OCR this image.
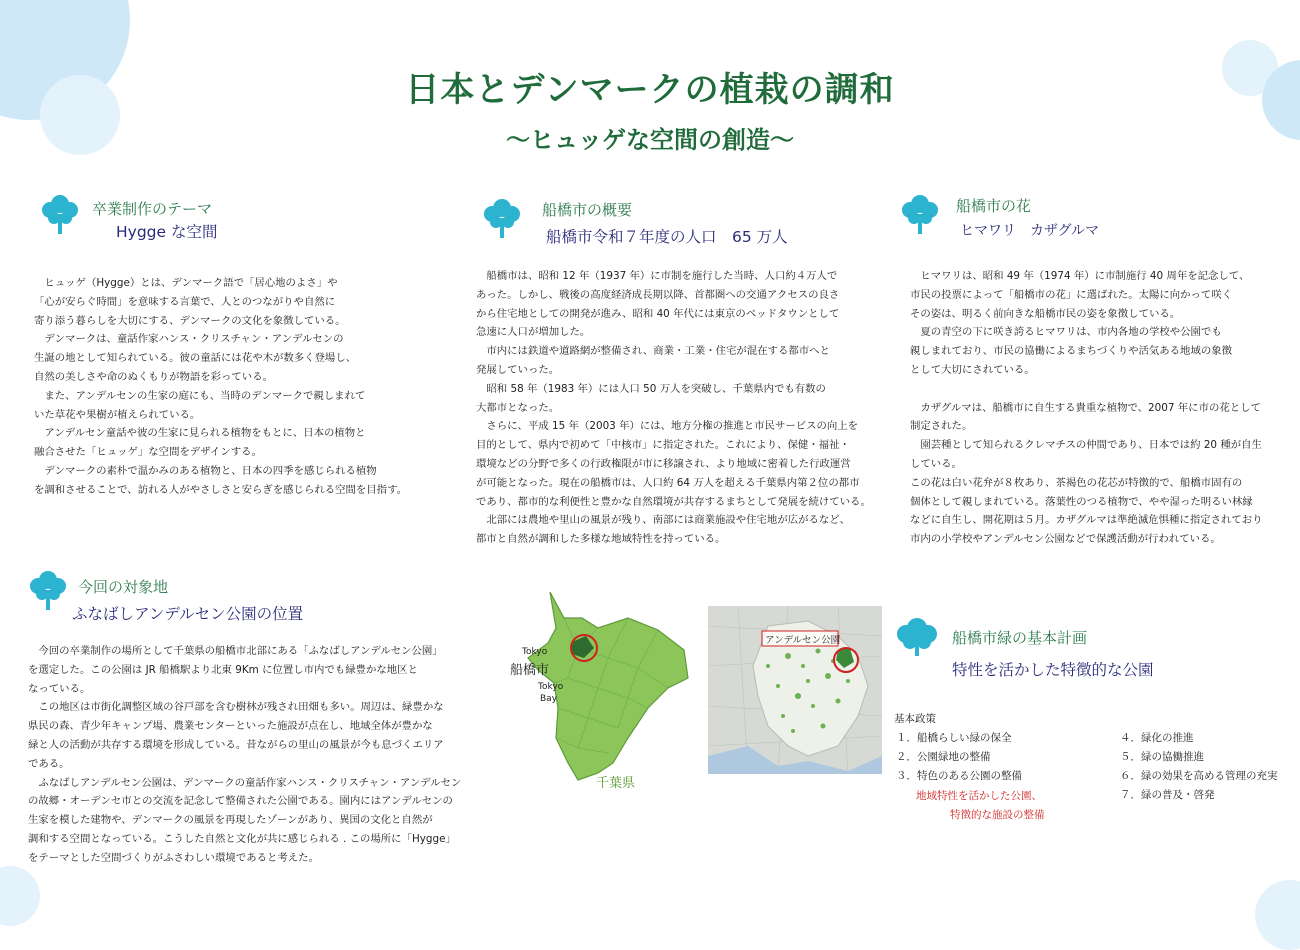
日本とデンマークの植栽の調和
〜ヒュッゲな空間の創造〜
卒業制作のテーマ
Hygge な空間
船橋市の概要
船橋市令和７年度の人口　65 万人
船橋市の花
ヒマワリ　カザグルマ

　ヒュッゲ（Hygge）とは、デンマーク語で「居心地のよさ」や

「心が安らぐ時間」を意味する言葉で、人とのつながりや自然に

寄り添う暮らしを大切にする、デンマークの文化を象徴している。

　デンマークは、童話作家ハンス・クリスチャン・アンデルセンの

生誕の地として知られている。彼の童話には花や木が数多く登場し、

自然の美しさや命のぬくもりが物語を彩っている。

　また、アンデルセンの生家の庭にも、当時のデンマークで親しまれて

いた草花や果樹が植えられている。

　アンデルセン童話や彼の生家に見られる植物をもとに、日本の植物と

融合させた「ヒュッゲ」な空間をデザインする。

　デンマークの素朴で温かみのある植物と、日本の四季を感じられる植物

を調和させることで、訪れる人がやさしさと安らぎを感じられる空間を目指す。

　船橋市は、昭和 12 年（1937 年）に市制を施行した当時、人口約４万人で

あった。しかし、戦後の高度経済成長期以降、首都圏への交通アクセスの良さ

から住宅地としての開発が進み、昭和 40 年代には東京のベッドタウンとして

急速に人口が増加した。

　市内には鉄道や道路網が整備され、商業・工業・住宅が混在する都市へと

発展していった。

　昭和 58 年（1983 年）には人口 50 万人を突破し、千葉県内でも有数の

大都市となった。

　さらに、平成 15 年（2003 年）には、地方分権の推進と市民サービスの向上を

目的として、県内で初めて「中核市」に指定された。これにより、保健・福祉・

環境などの分野で多くの行政権限が市に移譲され、より地域に密着した行政運営

が可能となった。現在の船橋市は、人口約 64 万人を超える千葉県内第２位の都市

であり、都市的な利便性と豊かな自然環境が共存するまちとして発展を続けている。

　北部には農地や里山の風景が残り、南部には商業施設や住宅地が広がるなど、

都市と自然が調和した多様な地域特性を持っている。

　ヒマワリは、昭和 49 年（1974 年）に市制施行 40 周年を記念して、

市民の投票によって「船橋市の花」に選ばれた。太陽に向かって咲く

その姿は、明るく前向きな船橋市民の姿を象徴している。

　夏の青空の下に咲き誇るヒマワリは、市内各地の学校や公園でも

親しまれており、市民の協働によるまちづくりや活気ある地域の象徴

として大切にされている。

　カザグルマは、船橋市に自生する貴重な植物で、2007 年に市の花として

制定された。

　園芸種として知られるクレマチスの仲間であり、日本では約 20 種が自生

している。

この花は白い花弁が８枚あり、茶褐色の花芯が特徴的で、船橋市固有の

個体として親しまれている。落葉性のつる植物で、やや湿った明るい林縁

などに自生し、開花期は５月。カザグルマは準絶滅危惧種に指定されており

市内の小学校やアンデルセン公園などで保護活動が行われている。

今回の対象地
ふなばしアンデルセン公園の位置

　今回の卒業制作の場所として千葉県の船橋市北部にある「ふなばしアンデルセン公園」

を選定した。この公園は JR 船橋駅より北東 9Km に位置し市内でも緑豊かな地区と

なっている。

　この地区は市街化調整区域の谷戸部を含む樹林が残され田畑も多い。周辺は、緑豊かな

県民の森、青少年キャンプ場、農業センターといった施設が点在し、地域全体が豊かな

緑と人の活動が共存する環境を形成している。昔ながらの里山の風景が今も息づくエリア

である。

　ふなばしアンデルセン公園は、デンマークの童話作家ハンス・クリスチャン・アンデルセン

の故郷・オーデンセ市との交流を記念して整備された公園である。園内にはアンデルセンの

生家を模した建物や、デンマークの風景を再現したゾーンがあり、異国の文化と自然が

調和する空間となっている。こうした自然と文化が共に感じられる . この場所に「Hygge」

をテーマとした空間づくりがふさわしい環境であると考えた。

Tokyo
船橋市
Tokyo
Bay
千葉県
アンデルセン公園	船橋市緑の基本計画
特性を活かした特徴的な公園
基本政策

１．船橋らしい緑の保全

２．公園緑地の整備

３．特色のある公園の整備

地域特性を活かした公園、
特徴的な施設の整備

４．緑化の推進

５．緑の協働推進

６．緑の効果を高める管理の充実

７．緑の普及・啓発
